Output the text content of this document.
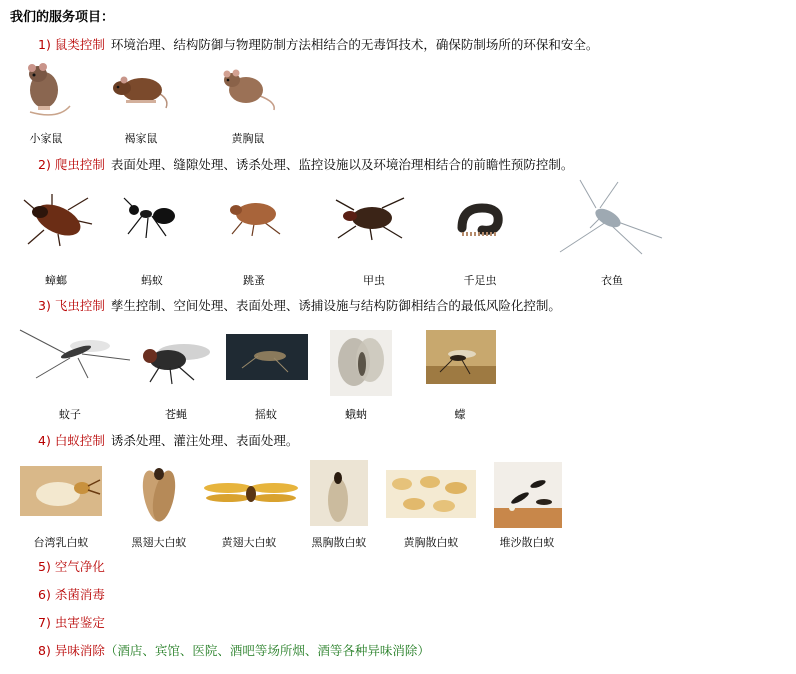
我们的服务项目：
1) 鼠类控制 环境治理、结构防御与物理防制方法相结合的无毒饵技术，确保防制场所的环保和安全。
小家鼠	褐家鼠	黄胸鼠
2) 爬虫控制 表面处理、缝隙处理、诱杀处理、监控设施以及环境治理相结合的前瞻性预防控制。
蟑螂	蚂蚁	跳蚤	甲虫	千足虫	衣鱼
3) 飞虫控制 孳生控制、空间处理、表面处理、诱捕设施与结构防御相结合的最低风险化控制。
蚊子	苍蝇	摇蚊	蛾蚋	蠓
4) 白蚁控制 诱杀处理、灌注处理、表面处理。
台湾乳白蚁	黑翅大白蚁	黄翅大白蚁	黑胸散白蚁	黄胸散白蚁	堆沙散白蚁
5) 空气净化
6) 杀菌消毒
7) 虫害鉴定
8) 异味消除（酒店、宾馆、医院、酒吧等场所烟、酒等各种异味消除）
